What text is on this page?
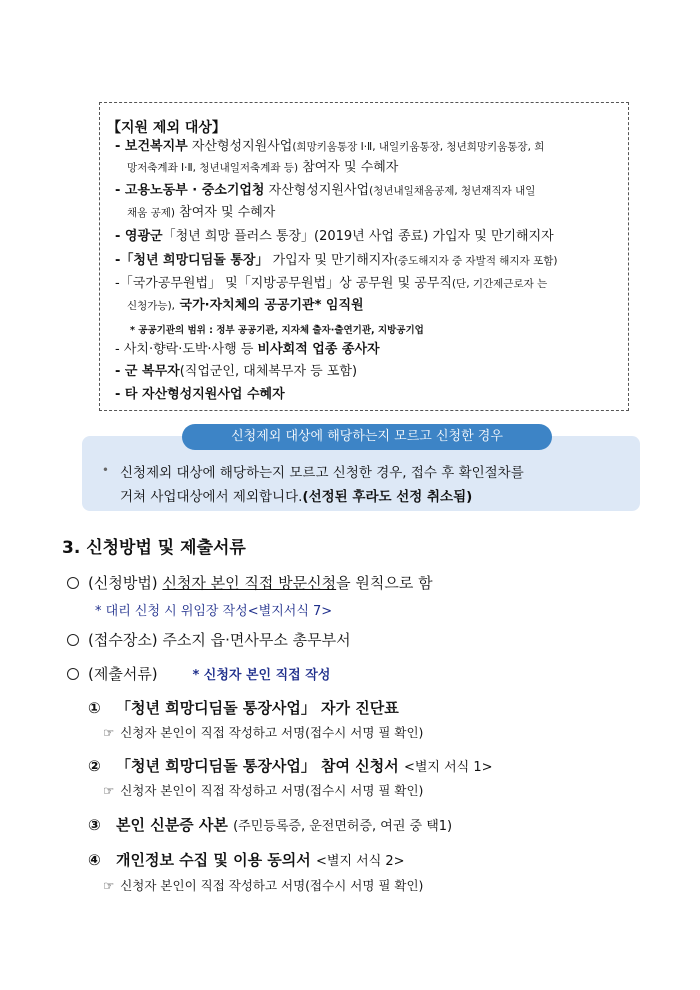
【지원 제외 대상】
- 보건복지부 자산형성지원사업(희망키움통장 Ⅰ·Ⅱ, 내일키움통장, 청년희망키움통장, 희
망저축계좌 Ⅰ·Ⅱ, 청년내일저축계좌 등) 참여자 및 수혜자
- 고용노동부 · 중소기업청 자산형성지원사업(청년내일채움공제, 청년재직자 내일
채움 공제) 참여자 및 수혜자
- 영광군「청년 희망 플러스 통장」(2019년 사업 종료) 가입자 및 만기해지자
-「청년 희망디딤돌 통장」 가입자 및 만기해지자(중도해지자 중 자발적 해지자 포함)
-「국가공무원법」 및「지방공무원법」상 공무원 및 공무직(단, 기간제근로자 는
신청가능), 국가·자치체의 공공기관* 임직원
* 공공기관의 범위 : 정부 공공기관, 지자체 출자·출연기관, 지방공기업
- 사치·향락·도박·사행 등 비사회적 업종 종사자
- 군 복무자(직업군인, 대체복무자 등 포함)
- 타 자산형성지원사업 수혜자
신청제외 대상에 해당하는지 모르고 신청한 경우
ꔷ 신청제외 대상에 해당하는지 모르고 신청한 경우, 접수 후 확인절차를
거쳐 사업대상에서 제외합니다.(선정된 후라도 선정 취소됨)
3. 신청방법 및 제출서류
(신청방법) 신청자 본인 직접 방문신청을 원칙으로 함
* 대리 신청 시 위임장 작성<별지서식 7>
(접수장소) 주소지 읍·면사무소 총무부서
(제출서류)	* 신청자 본인 직접 작성
① 「청년 희망디딤돌 통장사업」 자가 진단표
☞ 신청자 본인이 직접 작성하고 서명(접수시 서명 필 확인)
② 「청년 희망디딤돌 통장사업」 참여 신청서 <별지 서식 1>
☞ 신청자 본인이 직접 작성하고 서명(접수시 서명 필 확인)
③ 본인 신분증 사본 (주민등록증, 운전면허증, 여권 중 택1)
④ 개인정보 수집 및 이용 동의서 <별지 서식 2>
☞ 신청자 본인이 직접 작성하고 서명(접수시 서명 필 확인)
